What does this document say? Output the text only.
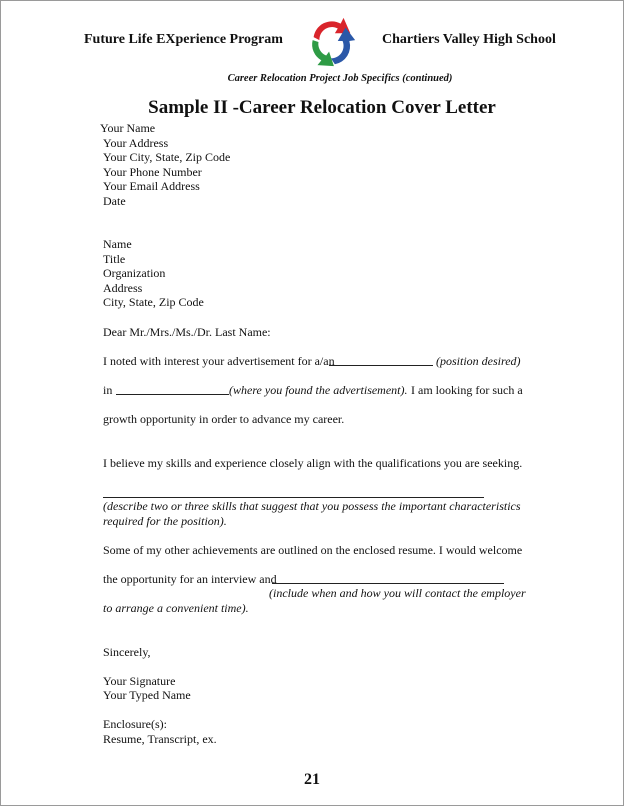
Future Life EXperience Program	Chartiers Valley High School
Career Relocation Project Job Specifics (continued)
Sample II -Career Relocation Cover Letter
Your Name
Your Address
Your City, State, Zip Code
Your Phone Number
Your Email Address
Date
Name
Title
Organization
Address
City, State, Zip Code
Dear Mr./Mrs./Ms./Dr. Last Name:
I noted with interest your advertisement for a/an	(position desired)
in	(where you found the advertisement). I am looking for such a
growth opportunity in order to advance my career.
I believe my skills and experience closely align with the qualifications you are seeking.
(describe two or three skills that suggest that you possess the important characteristics
required for the position).
Some of my other achievements are outlined on the enclosed resume. I would welcome
the opportunity for an interview and
(include when and how you will contact the employer
to arrange a convenient time).
Sincerely,
Your Signature
Your Typed Name
Enclosure(s):
Resume, Transcript, ex.
21
